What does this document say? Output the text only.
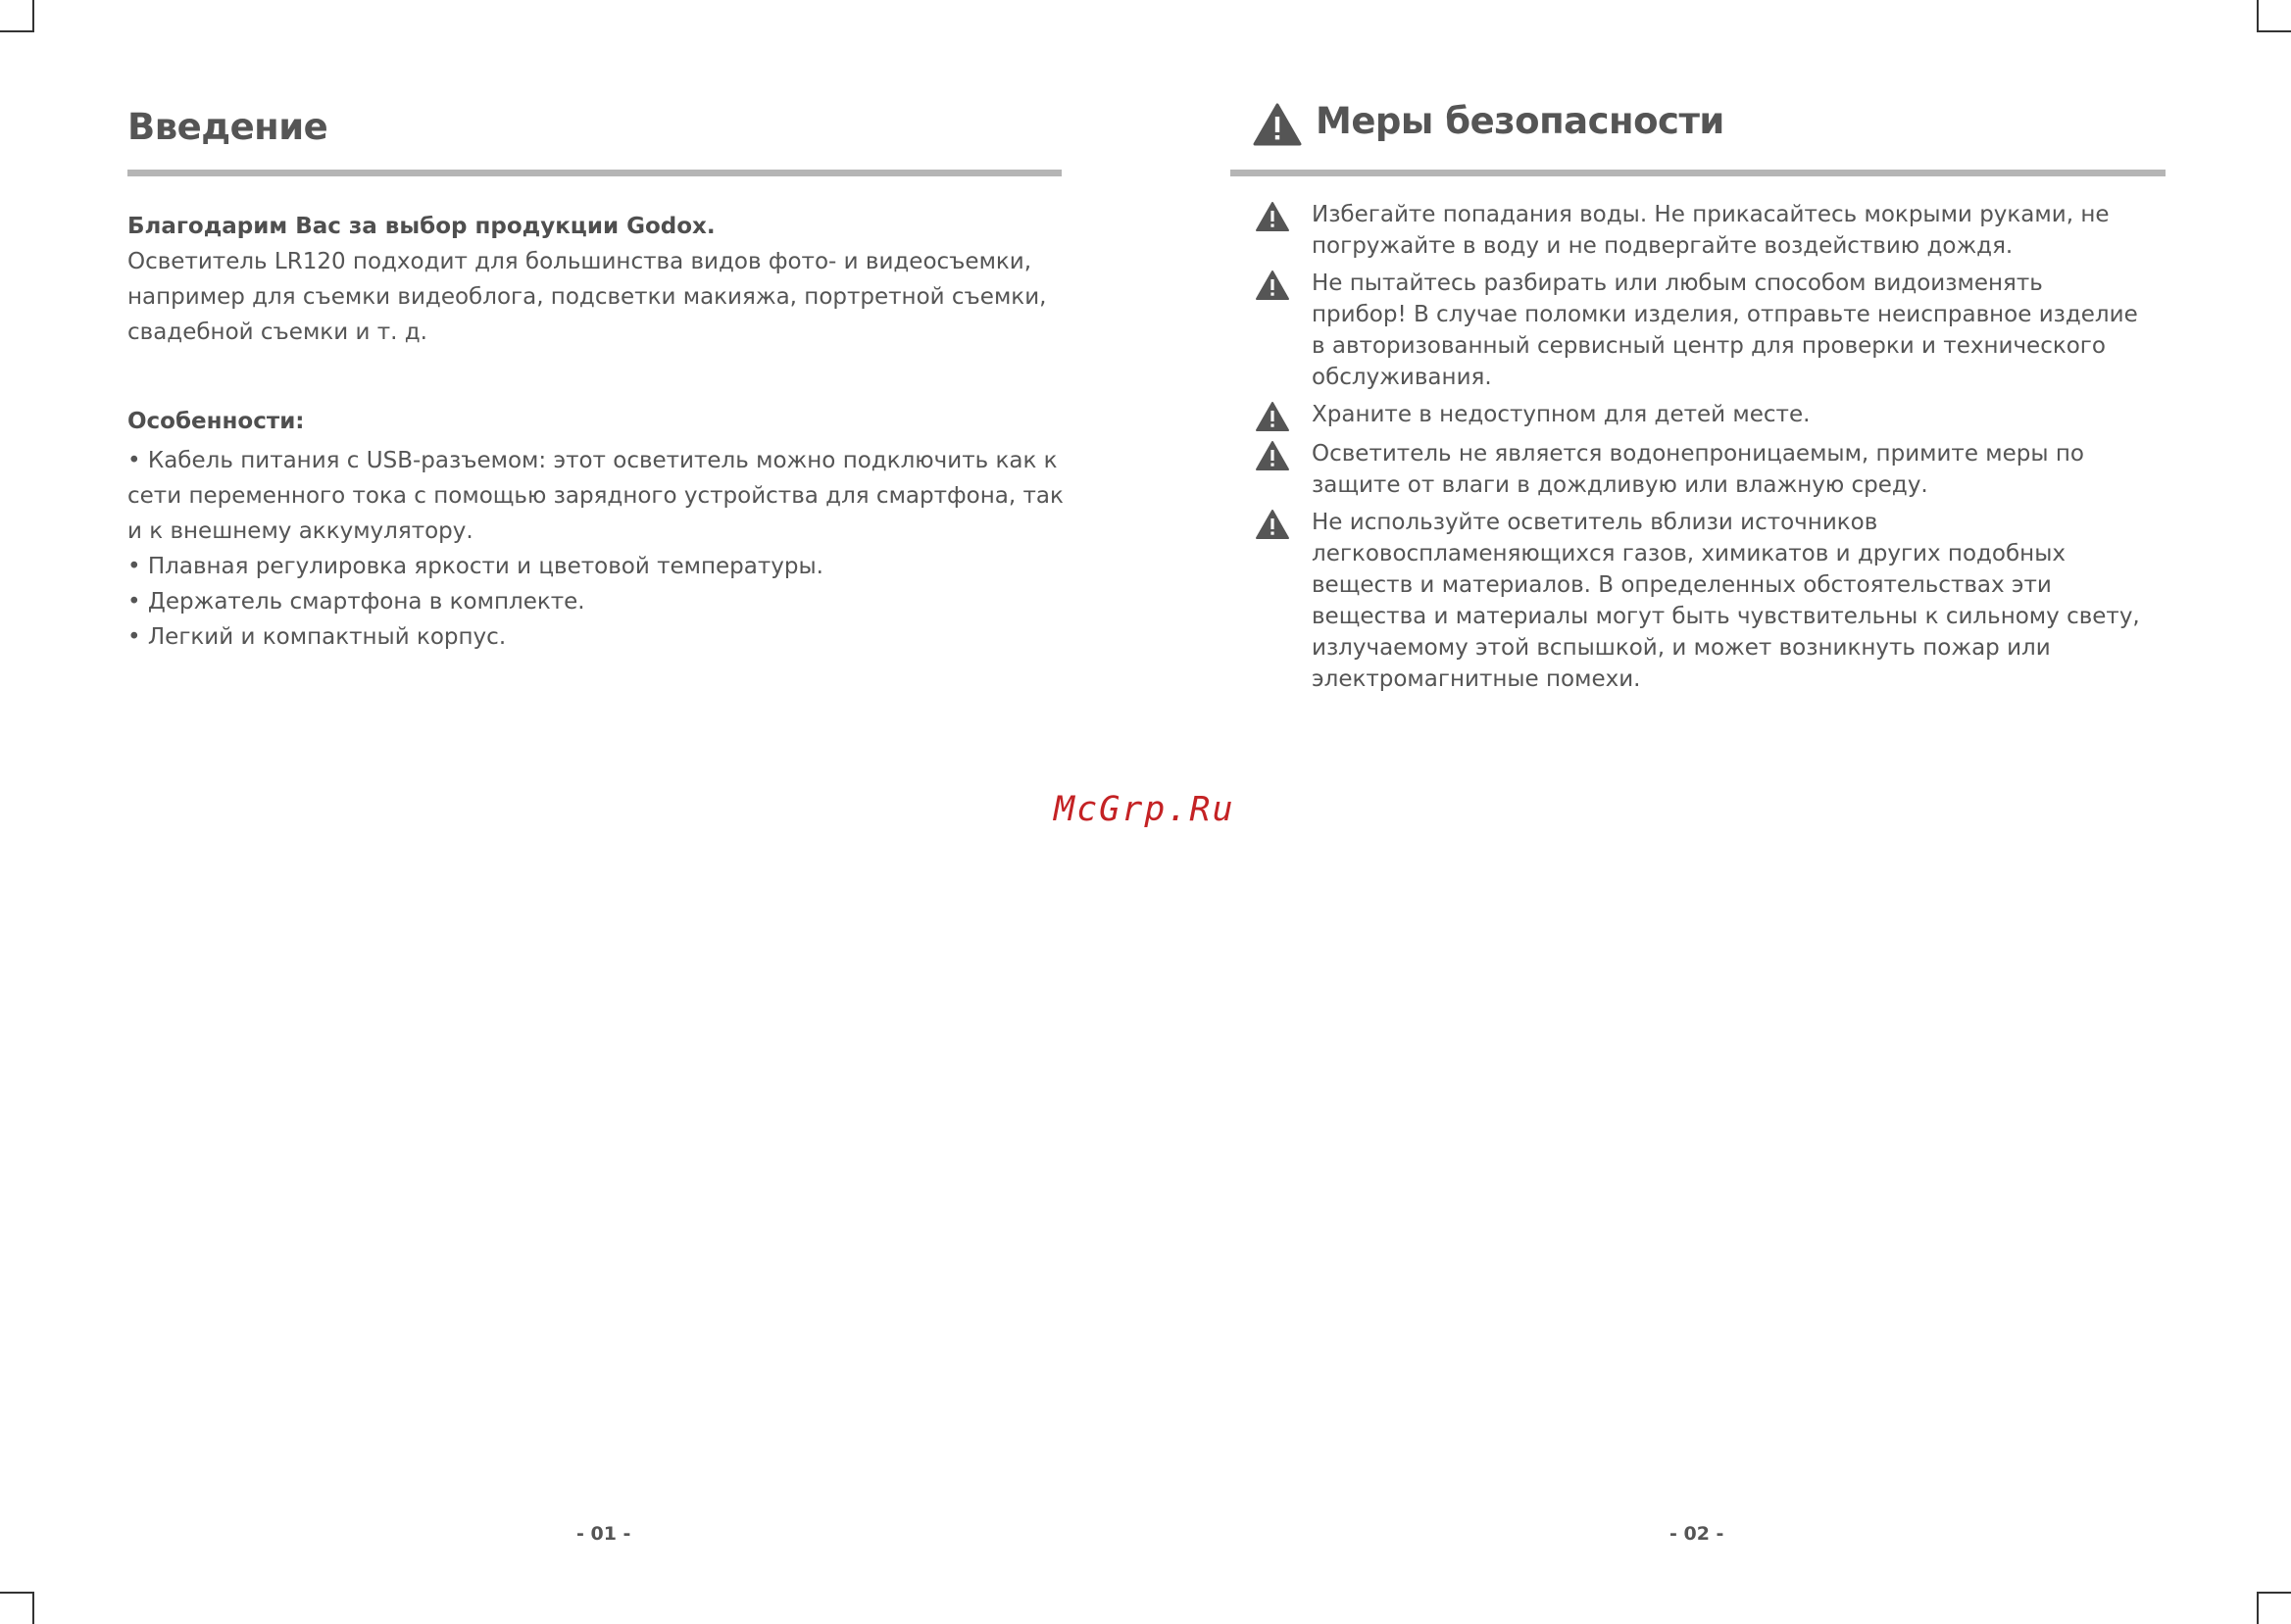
Введение

Благодарим Вас за выбор продукции Godox.

Осветитель LR120 подходит для большинства видов фото- и видеосъемки,

например для съемки видеоблога, подсветки макияжа, портретной съемки,

свадебной съемки и т. д.

Особенности:

• Кабель питания с USB-разъемом: этот осветитель можно подключить как к

сети переменного тока с помощью зарядного устройства для смартфона, так

и к внешнему аккумулятору.

• Плавная регулировка яркости и цветовой температуры.

• Держатель смартфона в комплекте.

• Легкий и компактный корпус.

- 01 -
Меры безопасности
Избегайте попадания воды. Не прикасайтесь мокрыми руками, не
погружайте в воду и не подвергайте воздействию дождя.
Не пытайтесь разбирать или любым способом видоизменять
прибор! В случае поломки изделия, отправьте неисправное изделие
в авторизованный сервисный центр для проверки и технического
обслуживания.
Храните в недоступном для детей месте.
Осветитель не является водонепроницаемым, примите меры по
защите от влаги в дождливую или влажную среду.
Не используйте осветитель вблизи источников
легковоспламеняющихся газов, химикатов и других подобных
веществ и материалов. В определенных обстоятельствах эти
вещества и материалы могут быть чувствительны к сильному свету,
излучаемому этой вспышкой, и может возникнуть пожар или
электромагнитные помехи.
McGrp.Ru
- 02 -
